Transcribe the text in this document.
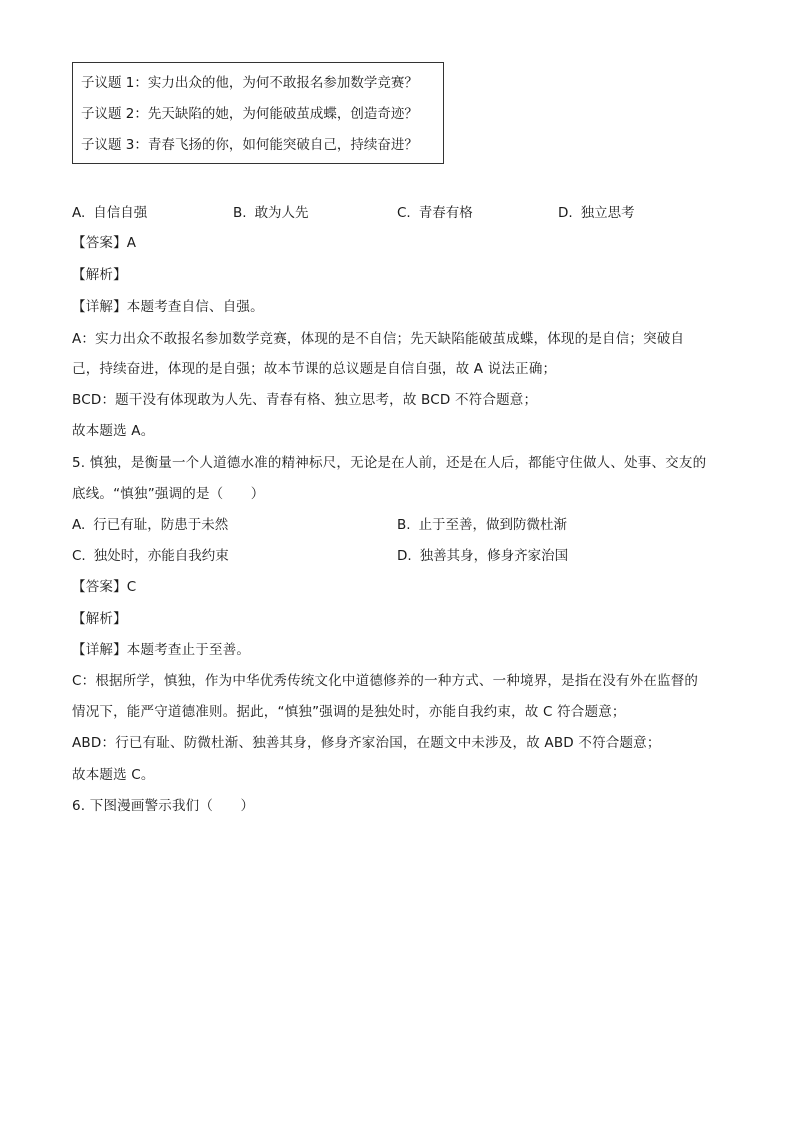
子议题 1：实力出众的他，为何不敢报名参加数学竞赛？
子议题 2：先天缺陷的她，为何能破茧成蝶，创造奇迹？
子议题 3：青春飞扬的你，如何能突破自己，持续奋进？
A. 自信自强	B. 敢为人先	C. 青春有格	D. 独立思考
【答案】A
【解析】
【详解】本题考查自信、自强。
A：实力出众不敢报名参加数学竞赛，体现的是不自信；先天缺陷能破茧成蝶，体现的是自信；突破自
己，持续奋进，体现的是自强；故本节课的总议题是自信自强，故 A 说法正确；
BCD：题干没有体现敢为人先、青春有格、独立思考，故 BCD 不符合题意；
故本题选 A。
5. 慎独，是衡量一个人道德水准的精神标尺，无论是在人前，还是在人后，都能守住做人、处事、交友的
底线。“慎独”强调的是（　　）
A. 行已有耻，防患于未然	B. 止于至善，做到防微杜渐
C. 独处时，亦能自我约束	D. 独善其身，修身齐家治国
【答案】C
【解析】
【详解】本题考查止于至善。
C：根据所学，慎独，作为中华优秀传统文化中道德修养的一种方式、一种境界，是指在没有外在监督的
情况下，能严守道德准则。据此，“慎独”强调的是独处时，亦能自我约束，故 C 符合题意；
ABD：行已有耻、防微杜渐、独善其身，修身齐家治国，在题文中未涉及，故 ABD 不符合题意；
故本题选 C。
6. 下图漫画警示我们（　　）
